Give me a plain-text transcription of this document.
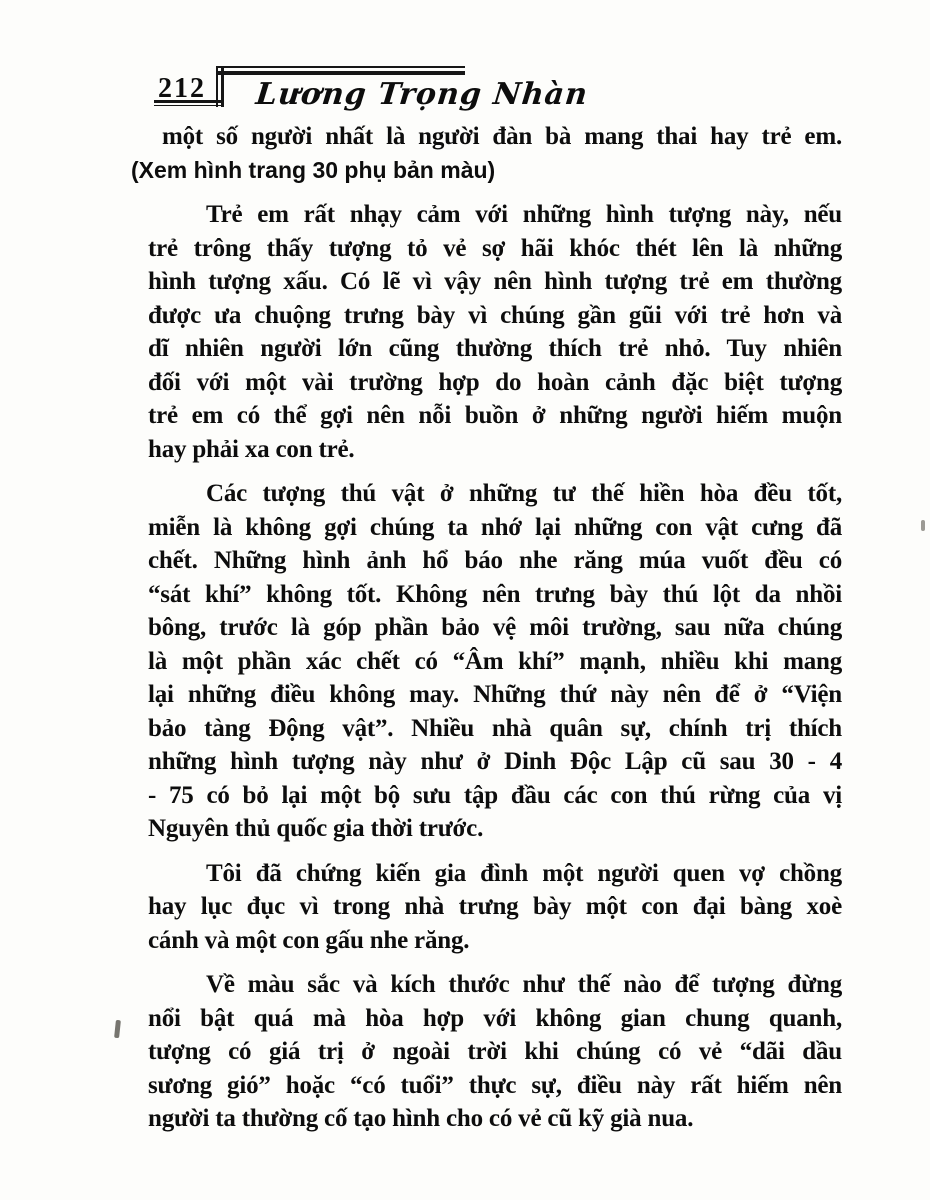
212 Lương Trọng Nhàn
một số người nhất là người đàn bà mang thai hay trẻ em.
(Xem hình trang 30 phụ bản màu)
Trẻ em rất nhạy cảm với những hình tượng này, nếu
trẻ trông thấy tượng tỏ vẻ sợ hãi khóc thét lên là những
hình tượng xấu. Có lẽ vì vậy nên hình tượng trẻ em thường
được ưa chuộng trưng bày vì chúng gần gũi với trẻ hơn và
dĩ nhiên người lớn cũng thường thích trẻ nhỏ. Tuy nhiên
đối với một vài trường hợp do hoàn cảnh đặc biệt tượng
trẻ em có thể gợi nên nỗi buồn ở những người hiếm muộn
hay phải xa con trẻ.
Các tượng thú vật ở những tư thế hiền hòa đều tốt,
miễn là không gợi chúng ta nhớ lại những con vật cưng đã
chết. Những hình ảnh hổ báo nhe răng múa vuốt đều có
“sát khí” không tốt. Không nên trưng bày thú lột da nhồi
bông, trước là góp phần bảo vệ môi trường, sau nữa chúng
là một phần xác chết có “Âm khí” mạnh, nhiều khi mang
lại những điều không may. Những thứ này nên để ở “Viện
bảo tàng Động vật”. Nhiều nhà quân sự, chính trị thích
những hình tượng này như ở Dinh Độc Lập cũ sau 30 - 4
- 75 có bỏ lại một bộ sưu tập đầu các con thú rừng của vị
Nguyên thủ quốc gia thời trước.
Tôi đã chứng kiến gia đình một người quen vợ chồng
hay lục đục vì trong nhà trưng bày một con đại bàng xoè
cánh và một con gấu nhe răng.
Về màu sắc và kích thước như thế nào để tượng đừng
nổi bật quá mà hòa hợp với không gian chung quanh,
tượng có giá trị ở ngoài trời khi chúng có vẻ “dãi dầu
sương gió” hoặc “có tuổi” thực sự, điều này rất hiếm nên
người ta thường cố tạo hình cho có vẻ cũ kỹ già nua.
